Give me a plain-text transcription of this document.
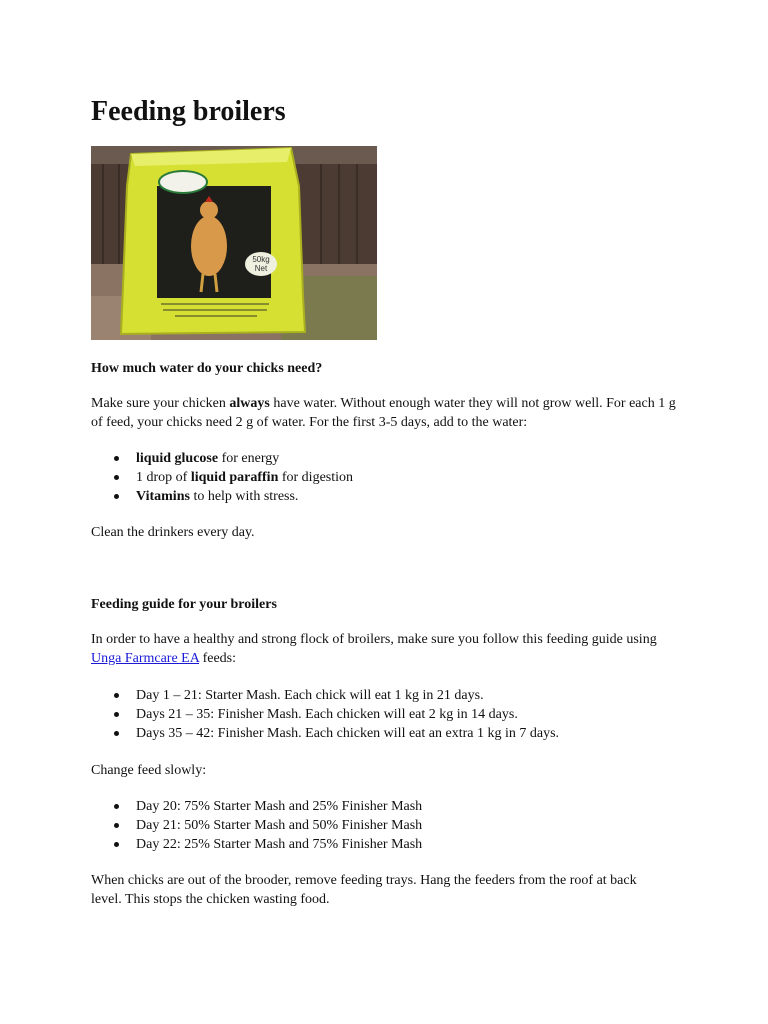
Feeding broilers
50kg
Net

How much water do your chicks need?

Make sure your chicken always have water. Without enough water they will not grow well. For each 1 g of feed, your chicks need 2 g of water. For the first 3-5 days, add to the water:

liquid glucose for energy
1 drop of liquid paraffin for digestion
Vitamins to help with stress.

Clean the drinkers every day.

Feeding guide for your broilers

In order to have a healthy and strong flock of broilers, make sure you follow this feeding guide using Unga Farmcare EA feeds:

Day 1 – 21: Starter Mash. Each chick will eat 1 kg in 21 days.
Days 21 – 35: Finisher Mash. Each chicken will eat 2 kg in 14 days.
Days 35 – 42: Finisher Mash. Each chicken will eat an extra 1 kg in 7 days.

Change feed slowly:

Day 20: 75% Starter Mash and 25% Finisher Mash
Day 21: 50% Starter Mash and 50% Finisher Mash
Day 22: 25% Starter Mash and 75% Finisher Mash

When chicks are out of the brooder, remove feeding trays. Hang the feeders from the roof at back level. This stops the chicken wasting food.
